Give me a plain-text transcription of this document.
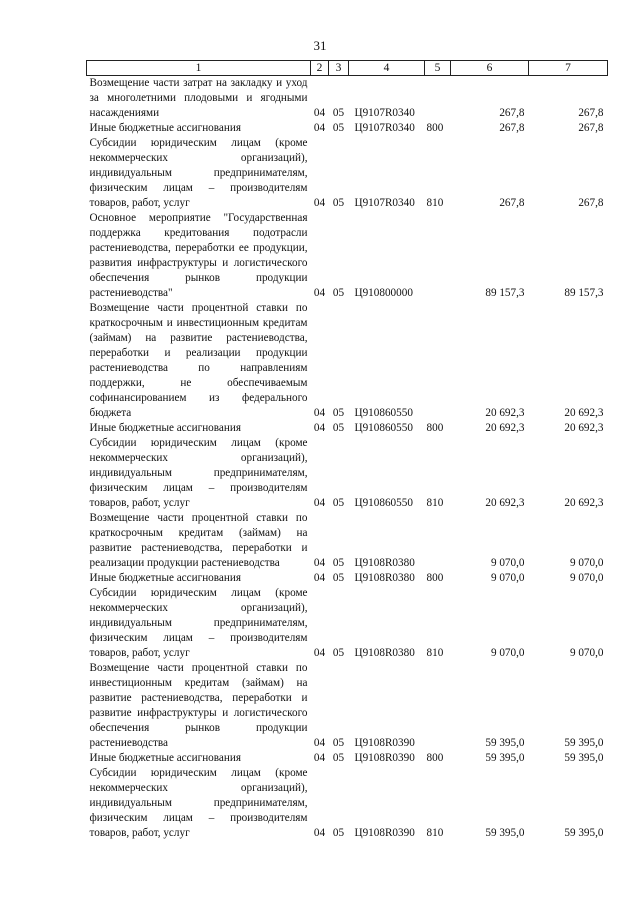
31
1	2	3	4	5	6	7
Возмещение части затрат на закладку и уход за многолетними плодовыми и ягодными насаждениями	04	05	Ц9107R0340		267,8	267,8
Иные бюджетные ассигнования	04	05	Ц9107R0340	800	267,8	267,8
Субсидии юридическим лицам (кроме некоммерческих организаций), индивидуальным предпринимателям, физическим лицам – производителям товаров, работ, услуг	04	05	Ц9107R0340	810	267,8	267,8
Основное мероприятие "Государственная поддержка кредитования подотрасли растениеводства, переработки ее продукции, развития инфраструктуры и логистического обеспечения рынков продукции растениеводства"	04	05	Ц910800000		89 157,3	89 157,3
Возмещение части процентной ставки по краткосрочным и инвестиционным кредитам (займам) на развитие растениеводства, переработки и реализации продукции растениеводства по направлениям поддержки, не обеспечиваемым софинансированием из федерального бюджета	04	05	Ц910860550		20 692,3	20 692,3
Иные бюджетные ассигнования	04	05	Ц910860550	800	20 692,3	20 692,3
Субсидии юридическим лицам (кроме некоммерческих организаций), индивидуальным предпринимателям, физическим лицам – производителям товаров, работ, услуг	04	05	Ц910860550	810	20 692,3	20 692,3
Возмещение части процентной ставки по краткосрочным кредитам (займам) на развитие растениеводства, переработки и реализации продукции растениеводства	04	05	Ц9108R0380		9 070,0	9 070,0
Иные бюджетные ассигнования	04	05	Ц9108R0380	800	9 070,0	9 070,0
Субсидии юридическим лицам (кроме некоммерческих организаций), индивидуальным предпринимателям, физическим лицам – производителям товаров, работ, услуг	04	05	Ц9108R0380	810	9 070,0	9 070,0
Возмещение части процентной ставки по инвестиционным кредитам (займам) на развитие растениеводства, переработки и развитие инфраструктуры и логистического обеспечения рынков продукции растениеводства	04	05	Ц9108R0390		59 395,0	59 395,0
Иные бюджетные ассигнования	04	05	Ц9108R0390	800	59 395,0	59 395,0
Субсидии юридическим лицам (кроме некоммерческих организаций), индивидуальным предпринимателям, физическим лицам – производителям товаров, работ, услуг	04	05	Ц9108R0390	810	59 395,0	59 395,0
